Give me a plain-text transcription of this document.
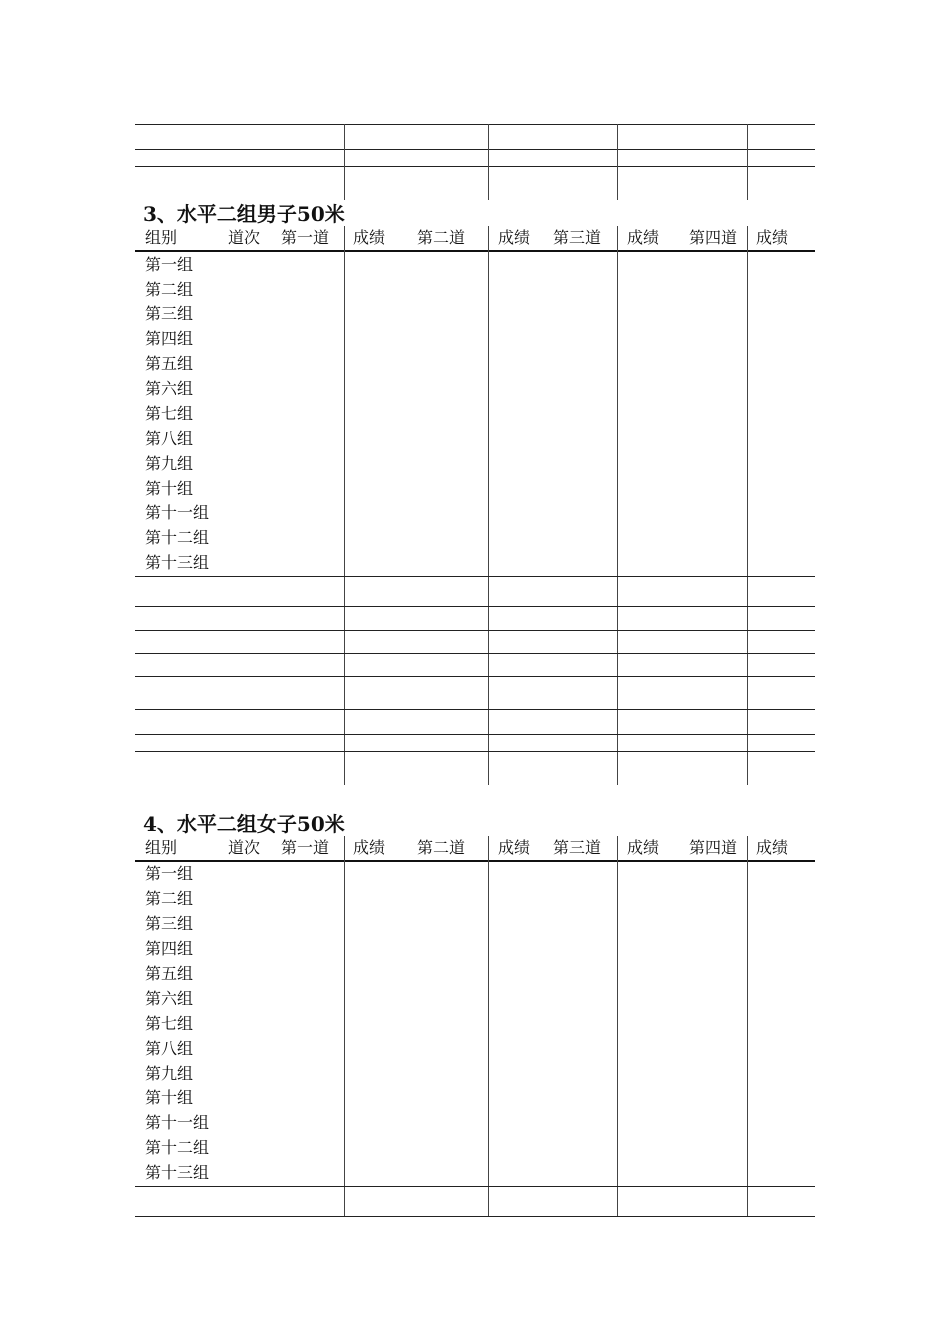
3、水平二组男子50米
组别	道次 第一道 成绩 第二道 成绩 第三道 成绩 第四道 成绩
第一组
第二组
第三组
第四组
第五组
第六组
第七组
第八组
第九组
第十组
第十一组
第十二组
第十三组
4、水平二组女子50米
组别	道次 第一道 成绩 第二道 成绩 第三道 成绩 第四道 成绩
第一组
第二组
第三组
第四组
第五组
第六组
第七组
第八组
第九组
第十组
第十一组
第十二组
第十三组
